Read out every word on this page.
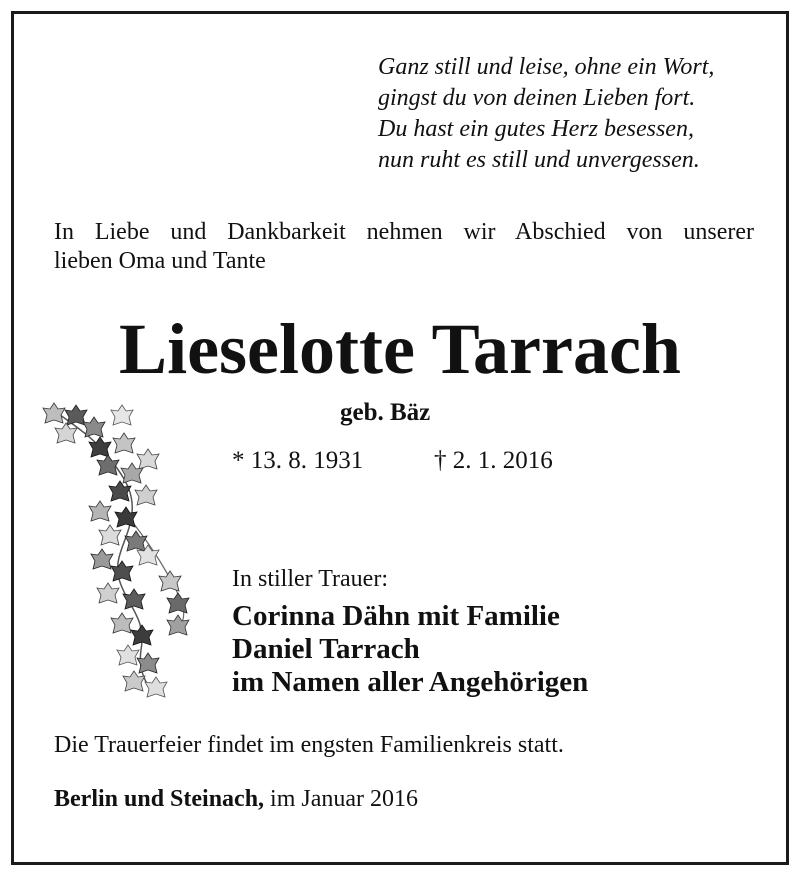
Ganz still und leise, ohne ein Wort,
gingst du von deinen Lieben fort.
Du hast ein gutes Herz besessen,
nun ruht es still und unvergessen.
In Liebe und Dankbarkeit nehmen wir Abschied von unserer
lieben Oma und Tante
Lieselotte Tarrach
geb. Bäz
* 13. 8. 1931	† 2. 1. 2016
In stiller Trauer:
Corinna Dähn mit Familie
Daniel Tarrach
im Namen aller Angehörigen
Die Trauerfeier findet im engsten Familienkreis statt.
Berlin und Steinach, im Januar 2016
